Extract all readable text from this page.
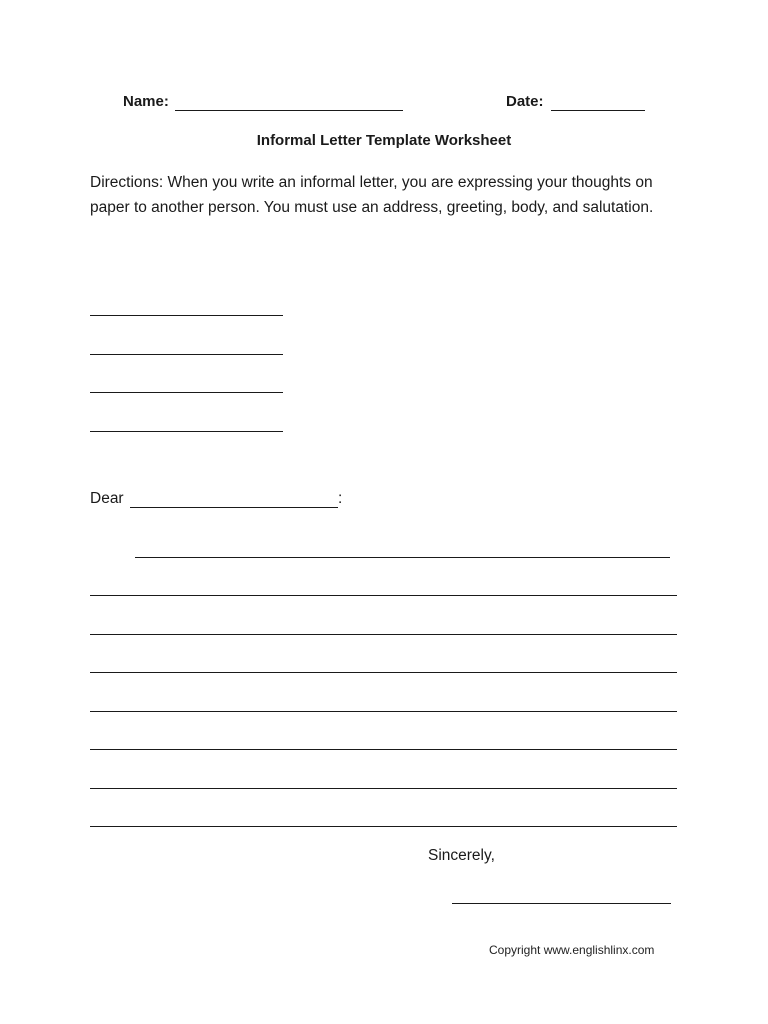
Name:	Date:
Informal Letter Template Worksheet
Directions: When you write an informal letter, you are expressing your thoughts on paper to another person. You must use an address, greeting, body, and salutation.
Dear	:
Sincerely,
Copyright www.englishlinx.com
